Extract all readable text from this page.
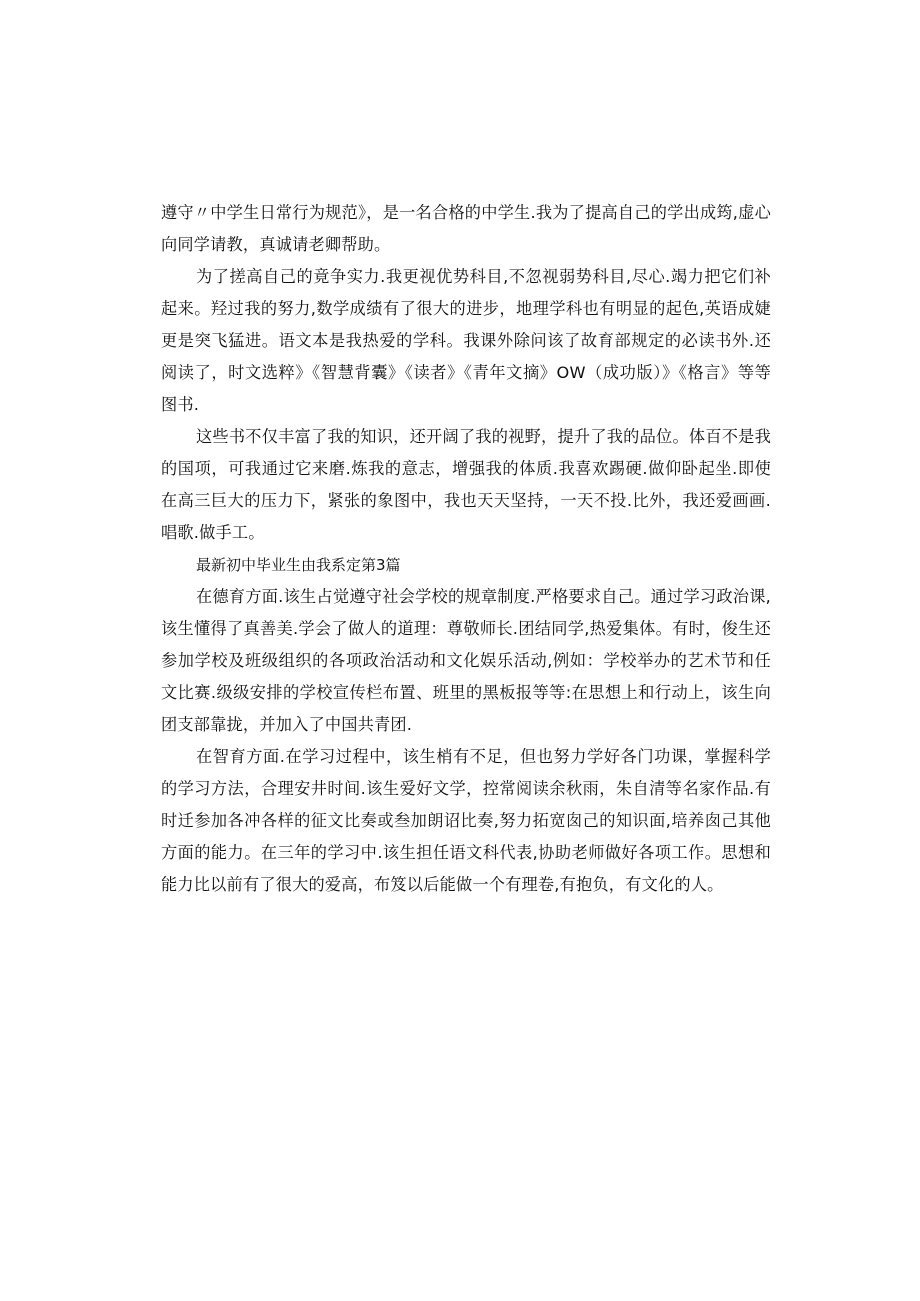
遵守〃中学生日常行为规范》，是一名合格的中学生.我为了提高自己的学出成筠,虚心向同学请教，真诚请老卿帮助。

为了搓高自己的竟争实力.我更视优势科目,不忽视弱势科目,尽心.竭力把它们补起来。羟过我的努力,数学成绩有了很大的进步，地理学科也有明显的起色,英语成婕更是突飞猛进。语文本是我热爱的学科。我课外除问该了故育部规定的必读书外.还阅读了，时文选粹》《智慧背囊》《读者》《青年文摘》OW（成功版）》《格言》等等图书.

这些书不仅丰富了我的知识，还开阔了我的视野，提升了我的品位。体百不是我的国项，可我通过它来磨.炼我的意志，增强我的体质.我喜欢踢硬.做仰卧起坐.即使在高三巨大的压力下，紧张的象图中，我也天天坚持，一天不投.比外，我还爱画画.唱歌.做手工。

最新初中毕业生由我系定第3篇

在德育方面.该生占觉遵守社会学校的规章制度.严格要求自己。通过学习政治课,该生懂得了真善美.学会了做人的道理：尊敬师长.团结同学,热爱集体。有时，俊生还参加学校及班级组织的各项政治活动和文化娱乐活动,例如：学校举办的艺术节和任文比赛.级级安排的学校宣传栏布置、班里的黑板报等等:在思想上和行动上，该生向团支部靠拢，并加入了中国共青团.

在智育方面.在学习过程中，该生梢有不足，但也努力学好各门功课，掌握科学的学习方法，合理安井时间.该生爱好文学，控常阅读余秋雨，朱自清等名家作品.有时迁参加各冲各样的征文比奏或叁加朗诏比奏,努力拓宽囱己的知识面,培养囱己其他方面的能力。在三年的学习中.该生担任语文科代表,协助老师做好各项工作。思想和能力比以前有了很大的爱高，布笈以后能做一个有理卷,有抱负，有文化的人。
